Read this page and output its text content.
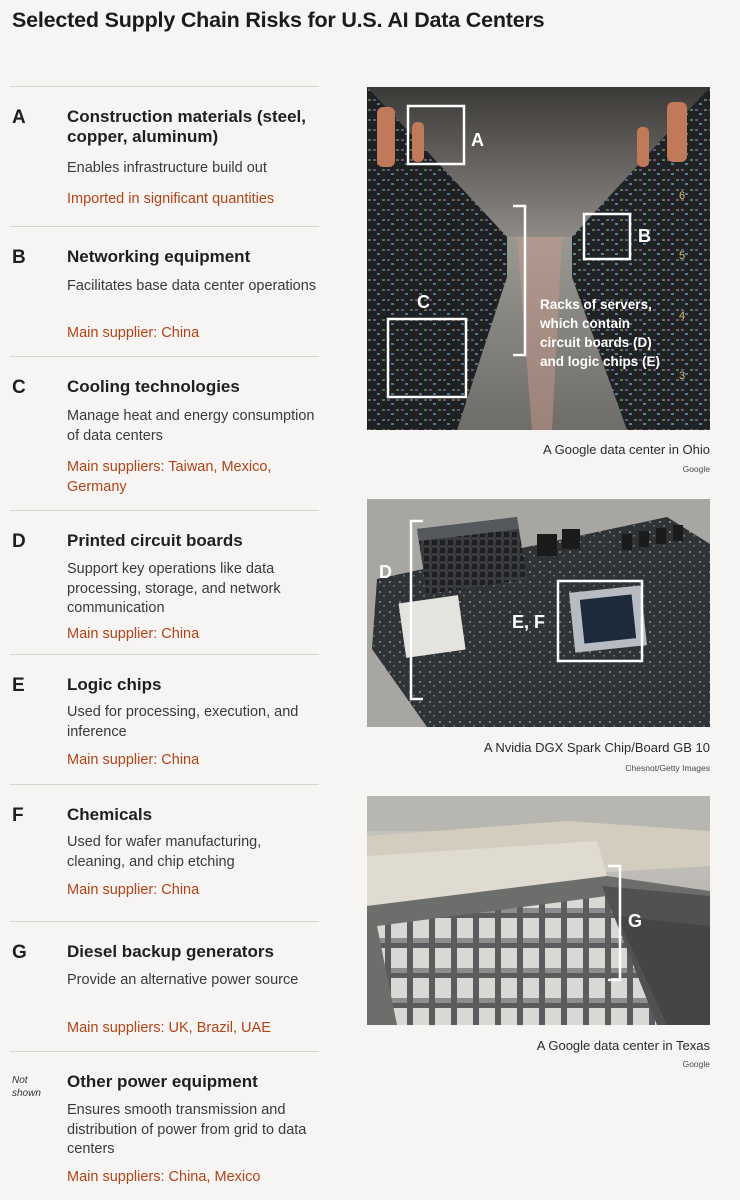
Selected Supply Chain Risks for U.S. AI Data Centers
A Construction materials (steel, copper, aluminum)
Enables infrastructure build out
Imported in significant quantities
B Networking equipment
Facilitates base data center operations
Main supplier: China
C Cooling technologies
Manage heat and energy consumption of data centers
Main suppliers: Taiwan, Mexico, Germany
D Printed circuit boards
Support key operations like data processing, storage, and network communication
Main supplier: China
E Logic chips
Used for processing, execution, and inference
Main supplier: China
F	Chemicals
Used for wafer manufacturing, cleaning, and chip etching
Main supplier: China
G Diesel backup generators
Provide an alternative power source
Main suppliers: UK, Brazil, UAE
Not shown
Other power equipment
Ensures smooth transmission and distribution of power from grid to data centers
Main suppliers: China, Mexico
6
5
4
3
A
B
C	Racks of servers,
which contain
circuit boards (D)
and logic chips (E)
A Google data center in Ohio
Google
D
E, F
A Nvidia DGX Spark Chip/Board GB 10
Chesnot/Getty Images
G
A Google data center in Texas
Google
